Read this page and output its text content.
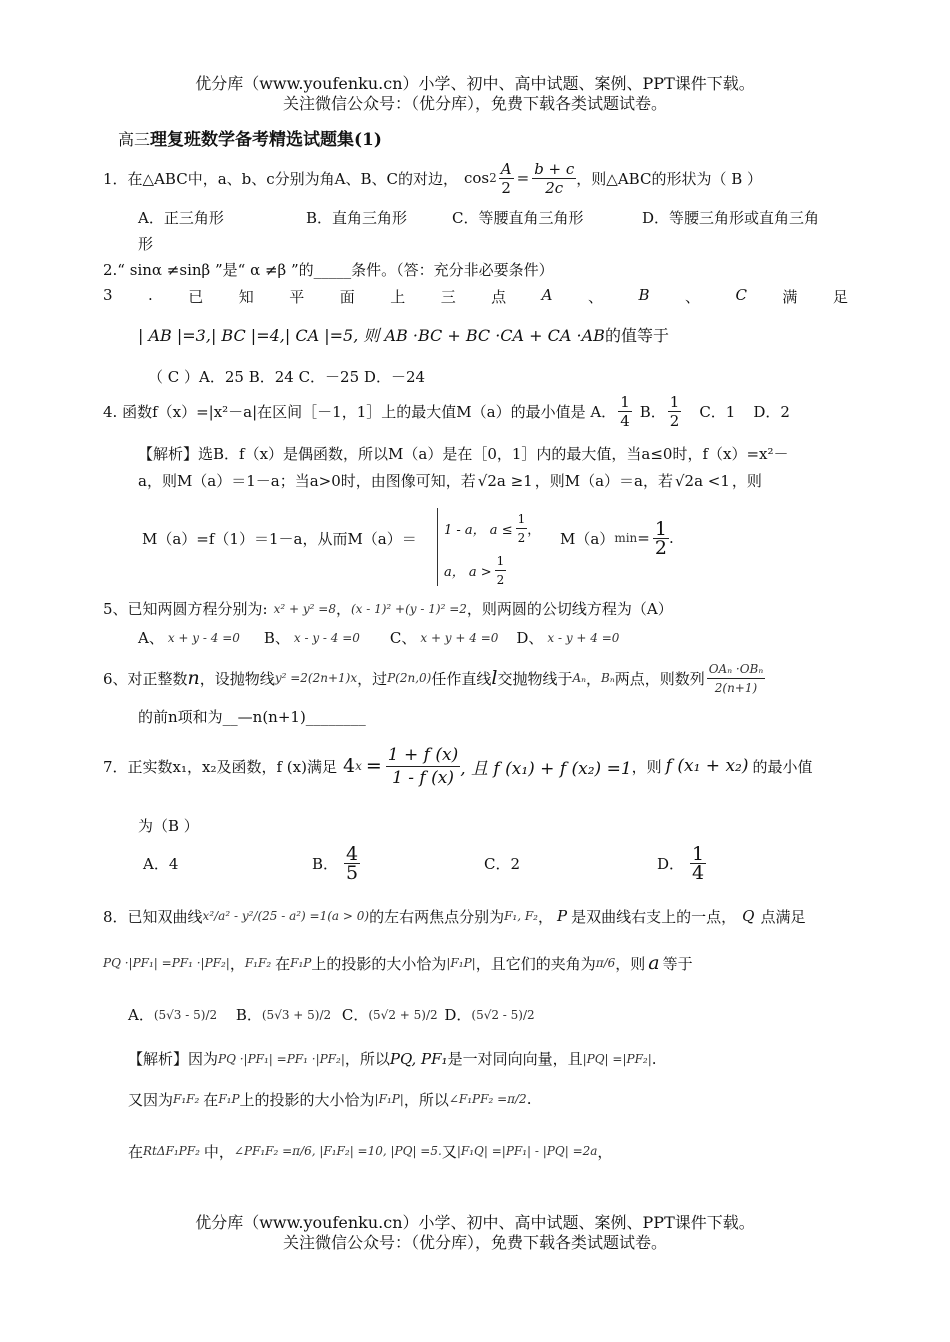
优分库（www.youfenku.cn）小学、初中、高中试题、案例、PPT课件下载。
关注微信公众号：（优分库），免费下载各类试题试卷。
高三理复班数学备考精选试题集(1)
1．在△ABC中，a、b、c分别为角A、B、C的对边， $\cos 2 \frac{A}{2} = \frac{b + c}{2c}$ ，则△ABC的形状为（ B ）
A．正三角形	B．直角三角形	C．等腰直角三角形	D．等腰三角形或直角三角
形
2.“ sinα ≠sinβ ”是“ α ≠β ”的_____条件。（答：充分非必要条件）
3 . 已 知 平 面 上 三 点 A 、 B 、 C 满 足
| AB |=3,| BC |=4,| CA |=5, 则 AB ·BC + BC ·CA + CA ·AB的值等于
（ C ）A．25 B．24 C．－25 D．－24
4. 函数f（x）=|x²－a|在区间［－1，1］上的最大值M（a）的最小值是 A． $\frac{1}{4}$ B． $\frac{1}{2}$ C．1 D．2
【解析】选B．f（x）是偶函数，所以M（a）是在［0，1］内的最大值，当a≤0时，f（x）=x²－
a，则M（a）＝1－a；当a>0时，由图像可知，若 √2a ≥1 ，则M（a）＝a，若 √2a <1 ，则
M（a）=f（1）＝1－a，从而M（a）＝ 1 - a， $a \le \frac{1}{2}$ ，
a， $a > \frac{1}{2}$
M（a） $\min = \frac{1}{2}$ .
5、已知两圆方程分别为: x² + y² =8 ， (x - 1)² +(y - 1)² =2 ，则两圆的公切线方程为（A）
A、 x + y - 4 =0	B、 x - y - 4 =0	C、 x + y + 4 =0	D、 x - y + 4 =0
6、对正整数 n ，设抛物线 y² =2(2n+1)x ，过 P(2n,0) 任作直线 l 交抛物线于 Aₙ ， Bₙ 两点，则数列 $\frac{\text{OAₙ ·OBₙ}}{2(n+1)}$
的前n项和为__—n(n+1)________
7．正实数x₁，x₂及函数，f (x)满足 4 $x = \frac{1 + f (x)}{1 - f (x)}$ , 且 f (x₁) + f (x₂) =1 ，则 f (x₁ + x₂) 的最小值
为（B ）
A．4	B． $\frac{4}{5}$	C．2	D． $\frac{1}{4}$
8．已知双曲线 x²/a² - y²/(25 - a²) =1(a > 0) 的左右两焦点分别为 F₁, F₂ ， P 是双曲线右支上的一点， Q 点满足
PQ ·|PF₁| =PF₁ ·|PF₂| ， F₁F₂ 在 F₁P 上的投影的大小恰为 |F₁P| ，且它们的夹角为 π/6 ，则 a 等于
A． (5√3 - 5)/2	B． (5√3 + 5)/2 C． (5√2 + 5)/2 D． (5√2 - 5)/2
【解析】因为 PQ ·|PF₁| =PF₁ ·|PF₂| ，所以 PQ, PF₁ 是一对同向向量，且 |PQ| =|PF₂| .
又因为 F₁F₂ 在 F₁P 上的投影的大小恰为 |F₁P| ，所以 ∠F₁PF₂ =π/2 .
在 RtΔF₁PF₂ 中， ∠PF₁F₂ =π/6, |F₁F₂| =10, |PQ| =5. 又 |F₁Q| =|PF₁| - |PQ| =2a ，
优分库（www.youfenku.cn）小学、初中、高中试题、案例、PPT课件下载。
关注微信公众号：（优分库），免费下载各类试题试卷。
